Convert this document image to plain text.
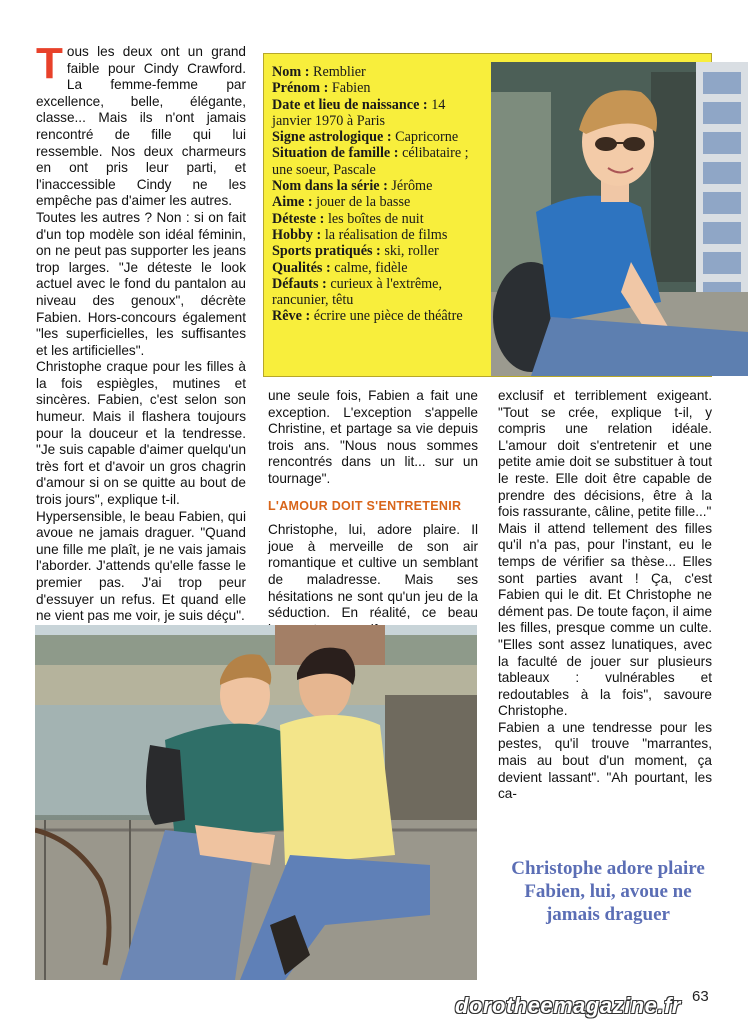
Tous les deux ont un grand faible pour Cindy Crawford. La femme-femme par excellence, belle, élégante, classe... Mais ils n'ont jamais rencontré de fille qui lui ressemble. Nos deux charmeurs en ont pris leur parti, et l'inaccessible Cindy ne les empêche pas d'aimer les autres.

Toutes les autres ? Non : si on fait d'un top modèle son idéal féminin, on ne peut pas supporter les jeans trop larges. "Je déteste le look actuel avec le fond du pantalon au niveau des genoux", décrète Fabien. Hors-concours également "les superficielles, les suffisantes et les artificielles".

Christophe craque pour les filles à la fois espiègles, mutines et sincères. Fabien, c'est selon son humeur. Mais il flashera toujours pour la douceur et la tendresse. "Je suis capable d'aimer quelqu'un très fort et d'avoir un gros chagrin d'amour si on se quitte au bout de trois jours", explique t-il.

Hypersensible, le beau Fabien, qui avoue ne jamais draguer. "Quand une fille me plaît, je ne vais jamais l'aborder. J'attends qu'elle fasse le premier pas. J'ai trop peur d'essuyer un refus. Et quand elle ne vient pas me voir, je suis déçu".

Nom : Remblier

Prénom : Fabien

Date et lieu de naissance : 14 janvier 1970 à Paris

Signe astrologique : Capricorne

Situation de famille : célibataire ; une soeur, Pascale

Nom dans la série : Jérôme

Aime : jouer de la basse

Déteste : les boîtes de nuit

Hobby : la réalisation de films

Sports pratiqués : ski, roller

Qualités : calme, fidèle

Défauts : curieux à l'extrême, rancunier, têtu

Rêve : écrire une pièce de théâtre

une seule fois, Fabien a fait une exception. L'exception s'appelle Christine, et partage sa vie depuis trois ans. "Nous nous sommes rencontrés dans un lit... sur un tournage".

L'AMOUR DOIT S'ENTRETENIR

Christophe, lui, adore plaire. Il joue à merveille de son air romantique et cultive un semblant de maladresse. Mais ses hésitations ne sont qu'un jeu de la séduction. En réalité, ce beau

exclusif et terriblement exigeant. "Tout se crée, explique t-il, y compris une relation idéale. L'amour doit s'entretenir et une petite amie doit se substituer à tout le reste. Elle doit être capable de prendre des décisions, être à la fois rassurante, câline, petite fille..."

Mais il attend tellement des filles qu'il n'a pas, pour l'instant, eu le temps de vérifier sa thèse... Elles sont parties avant ! Ça, c'est Fabien qui le dit. Et Christophe ne dément pas. De toute façon, il aime les filles, presque comme un culte. "Elles sont assez lunatiques, avec la faculté de jouer sur plusieurs tableaux : vulnérables et redoutables à la fois", savoure Christophe.

Fabien a une tendresse pour les pestes, qu'il trouve "marrantes, mais au bout d'un moment, ça devient lassant". "Ah pourtant, les ca-

Christophe adore plaire Fabien, lui, avoue ne jamais draguer
63
dorotheemagazine.fr
